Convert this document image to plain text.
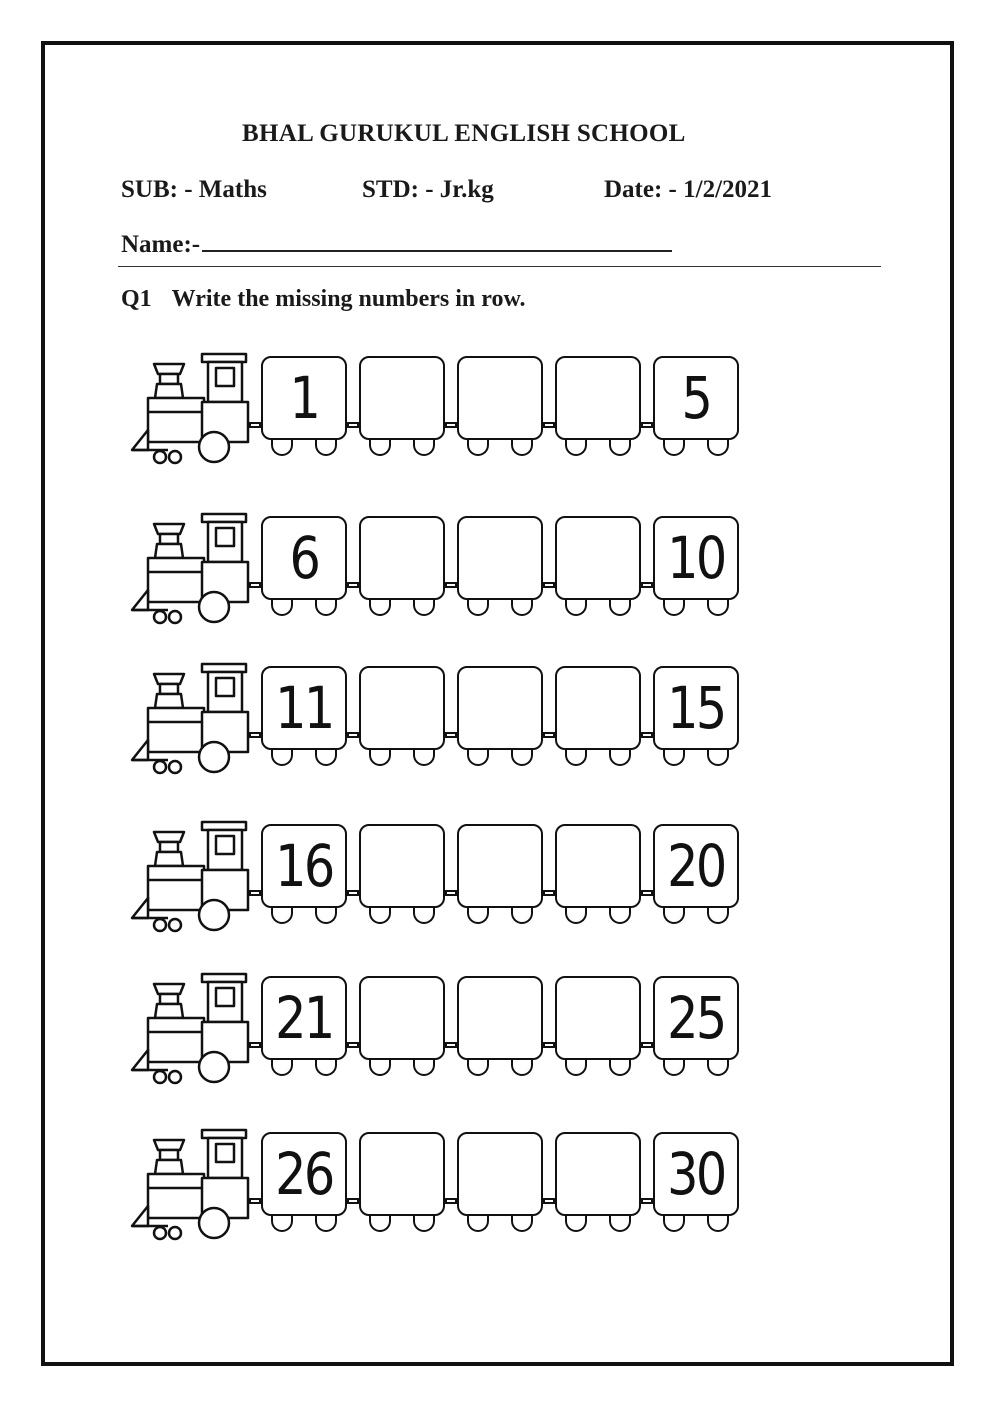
BHAL GURUKUL ENGLISH SCHOOL
SUB: - Maths	STD: - Jr.kg	Date: - 1/2/2021
Name:-
Q1 Write the missing numbers in row.
1	5
6	10
11	15
16	20
21	25
26	30
